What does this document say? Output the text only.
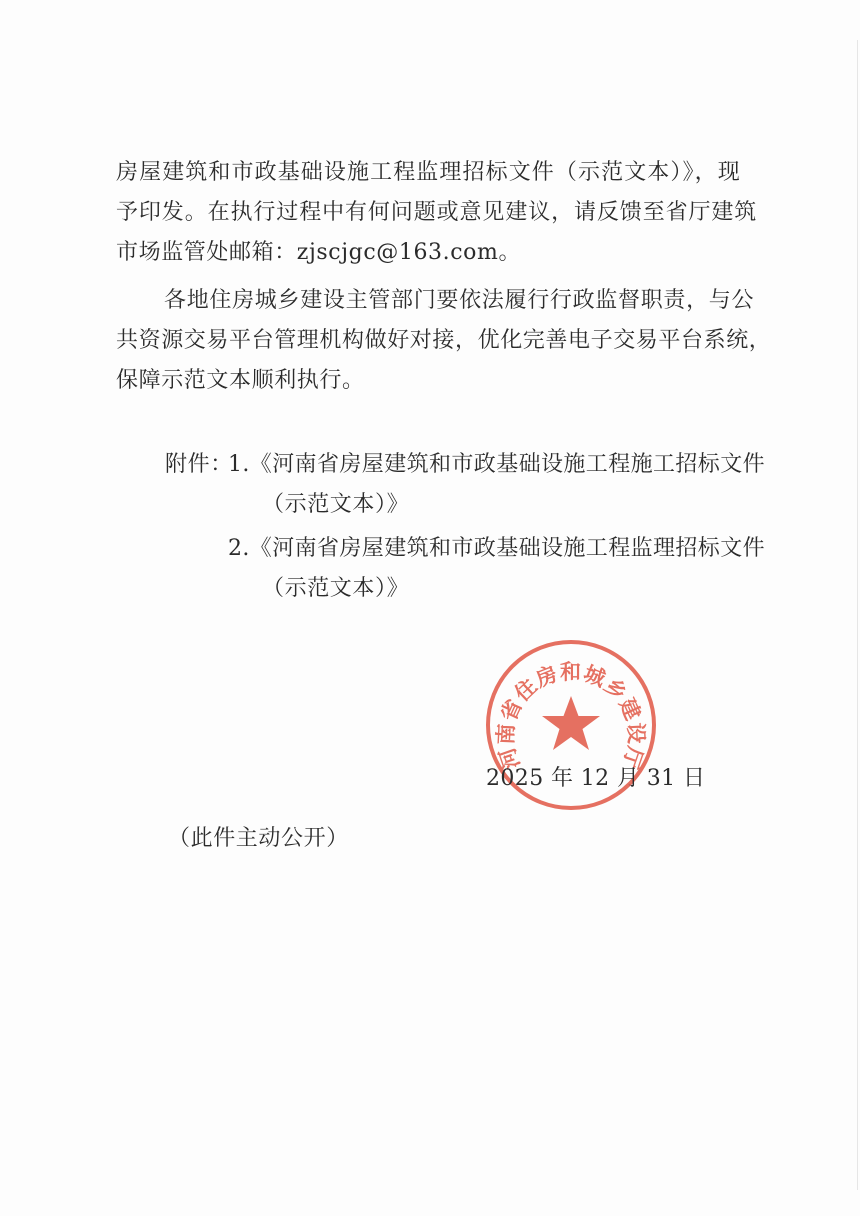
房屋建筑和市政基础设施工程监理招标文件（示范文本）》，现
予印发。在执行过程中有何问题或意见建议，请反馈至省厅建筑
市场监管处邮箱：zjscjgc@163.com。
各地住房城乡建设主管部门要依法履行行政监督职责，与公
共资源交易平台管理机构做好对接，优化完善电子交易平台系统，
保障示范文本顺利执行。
附件：
1.《河南省房屋建筑和市政基础设施工程施工招标文件
（示范文本）》
2.《河南省房屋建筑和市政基础设施工程监理招标文件
（示范文本）》
河南省住房和城乡建设厅
2025 年 12 月 31 日
（此件主动公开）
